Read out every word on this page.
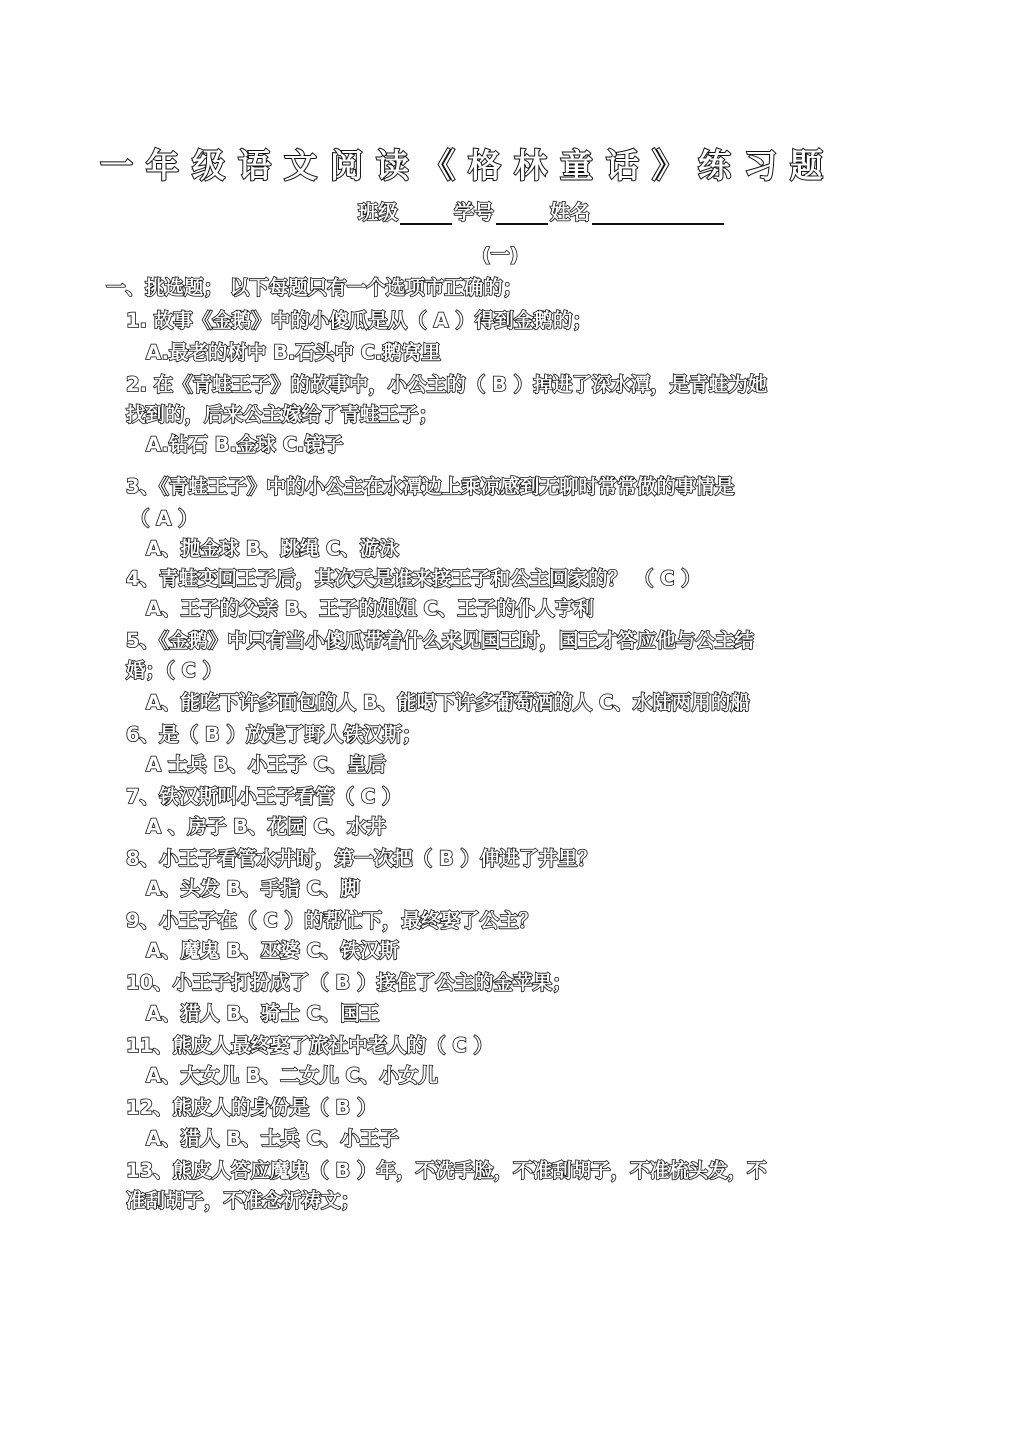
一年级语文阅读《格林童话》练习题
班级	学号	姓名
(一)
一、挑选题； 以下每题只有一个选项市正确的；
1. 故事《金鹅》中的小傻瓜是从（ A ）得到金鹅的；
A.最老的树中 B.石头中 C.鹅窝里
2. 在《青蛙王子》的故事中，小公主的（ B ）掉进了深水潭，是青蛙为她
找到的，后来公主嫁给了青蛙王子；
A.钻石 B.金球 C.镜子
3、《青蛙王子》中的小公主在水潭边上乘凉感到无聊时常常做的事情是
（ A ）
A、抛金球 B、跳绳 C、游泳
4、青蛙变回王子后，其次天是谁来接王子和公主回家的？ （ C ）
A、王子的父亲 B、王子的姐姐 C、王子的仆人亨利
5、《金鹅》中只有当小傻瓜带着什么来见国王时，国王才答应他与公主结
婚；（ C ）
A、能吃下许多面包的人 B、能喝下许多葡萄酒的人 C、水陆两用的船
6、是（ B ）放走了野人铁汉斯；
A 士兵 B、小王子 C、皇后
7、铁汉斯叫小王子看管（ C ）
A 、房子 B、花园 C、水井
8、小王子看管水井时，第一次把（ B ）伸进了井里？
A、头发 B、手指 C、脚
9、小王子在（ C ）的帮忙下，最终娶了公主？
A、魔鬼 B、巫婆 C、铁汉斯
10、小王子打扮成了（ B ）接住了公主的金苹果；
A、猎人 B、骑士 C、国王
11、熊皮人最终娶了旅社中老人的（ C ）
A、大女儿 B、二女儿 C、小女儿
12、熊皮人的身份是（ B ）
A、猎人 B、士兵 C、小王子
13、熊皮人答应魔鬼（ B ）年，不洗手脸，不准刮胡子，不准梳头发，不
准刮胡子，不准念祈祷文；
